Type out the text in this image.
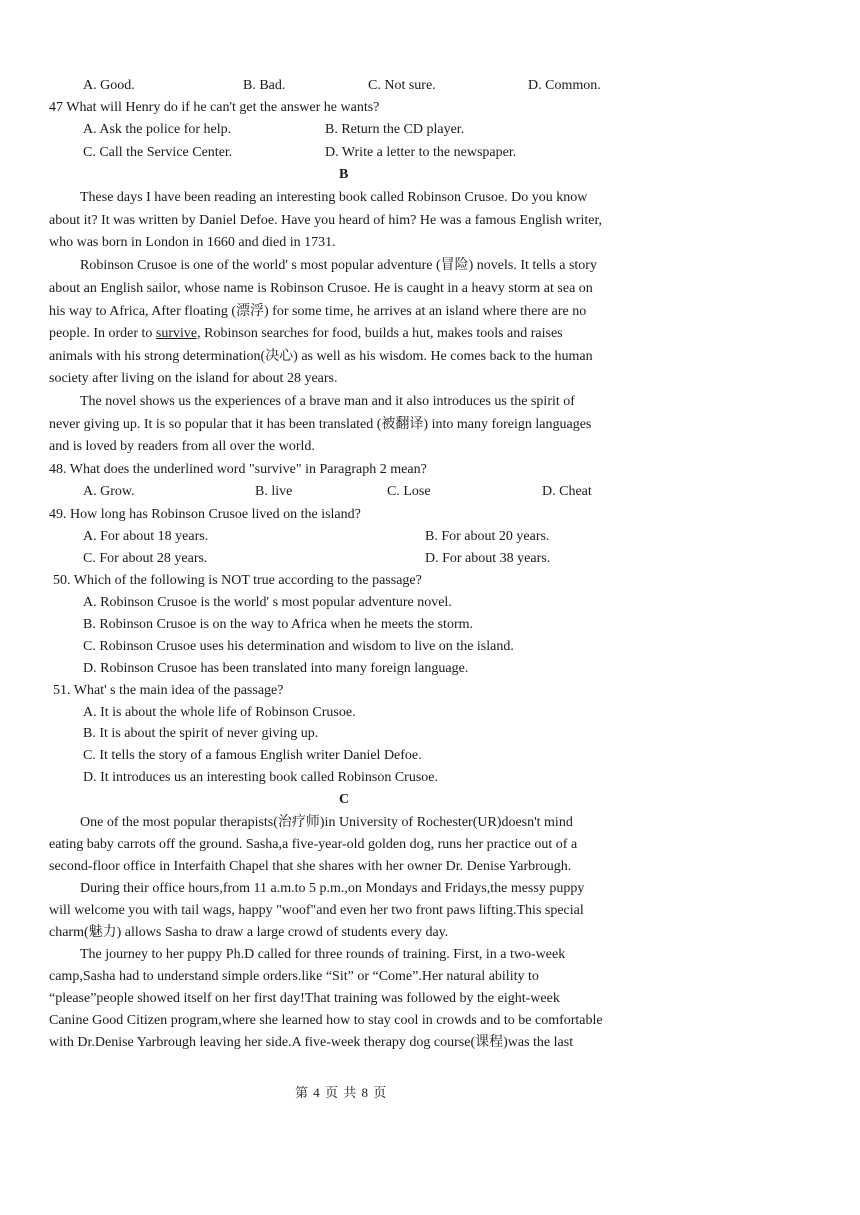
A. Good.	B. Bad.	C. Not sure.	D. Common.
47 What will Henry do if he can't get the answer he wants?
A. Ask the police for help.	B. Return the CD player.
C. Call the Service Center.	D. Write a letter to the newspaper.
B
These days I have been reading an interesting book called Robinson Crusoe. Do you know
about it? It was written by Daniel Defoe. Have you heard of him? He was a famous English writer,
who was born in London in 1660 and died in 1731.
Robinson Crusoe is one of the world' s most popular adventure (冒险) novels. It tells a story
about an English sailor, whose name is Robinson Crusoe. He is caught in a heavy storm at sea on
his way to Africa, After floating (漂浮) for some time, he arrives at an island where there are no
people. In order to survive, Robinson searches for food, builds a hut, makes tools and raises
animals with his strong determination(决心) as well as his wisdom. He comes back to the human
society after living on the island for about 28 years.
The novel shows us the experiences of a brave man and it also introduces us the spirit of
never giving up. It is so popular that it has been translated (被翻译) into many foreign languages
and is loved by readers from all over the world.
48. What does the underlined word "survive" in Paragraph 2 mean?
A. Grow.	B. live	C. Lose	D. Cheat
49. How long has Robinson Crusoe lived on the island?
A. For about 18 years.	B. For about 20 years.
C. For about 28 years.	D. For about 38 years.
50. Which of the following is NOT true according to the passage?
A. Robinson Crusoe is the world' s most popular adventure novel.
B. Robinson Crusoe is on the way to Africa when he meets the storm.
C. Robinson Crusoe uses his determination and wisdom to live on the island.
D. Robinson Crusoe has been translated into many foreign language.
51. What' s the main idea of the passage?
A. It is about the whole life of Robinson Crusoe.
B. It is about the spirit of never giving up.
C. It tells the story of a famous English writer Daniel Defoe.
D. It introduces us an interesting book called Robinson Crusoe.
C
One of the most popular therapists(治疗师)in University of Rochester(UR)doesn't mind
eating baby carrots off the ground. Sasha,a five-year-old golden dog, runs her practice out of a
second-floor office in Interfaith Chapel that she shares with her owner Dr. Denise Yarbrough.
During their office hours,from 11 a.m.to 5 p.m.,on Mondays and Fridays,the messy puppy
will welcome you with tail wags, happy "woof"and even her two front paws lifting.This special
charm(魅力) allows Sasha to draw a large crowd of students every day.
The journey to her puppy Ph.D called for three rounds of training. First, in a two-week
camp,Sasha had to understand simple orders.like “Sit” or “Come”.Her natural ability to
“please”people showed itself on her first day!That training was followed by the eight-week
Canine Good Citizen program,where she learned how to stay cool in crowds and to be comfortable
with Dr.Denise Yarbrough leaving her side.A five-week therapy dog course(课程)was the last
第 4 页 共 8 页
